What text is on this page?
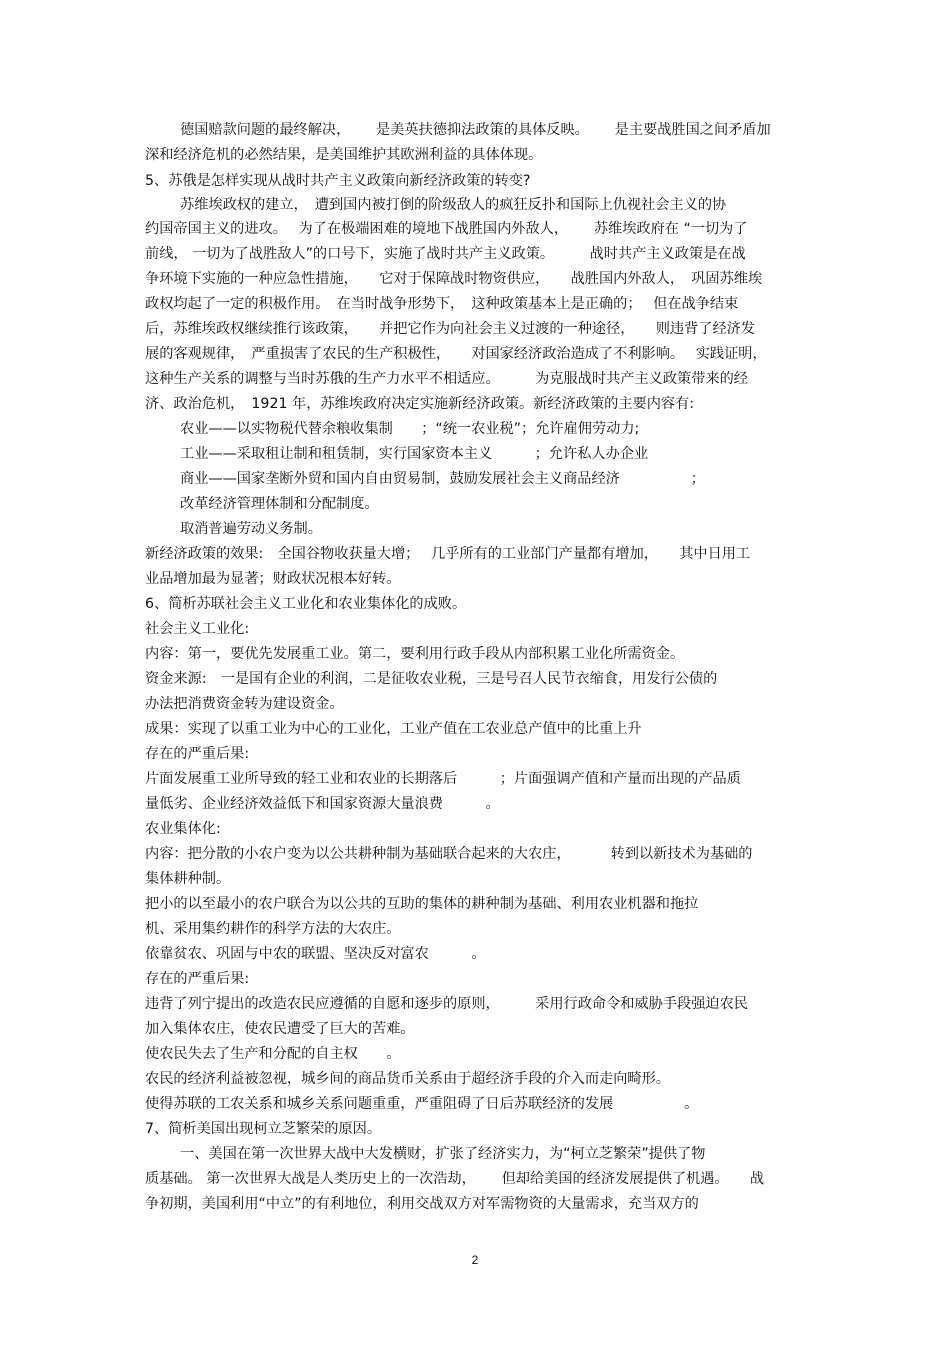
德国赔款问题的最终解决，　　 是美英扶德抑法政策的具体反映。　　 是主要战胜国之间矛盾加
深和经济危机的必然结果，是美国维护其欧洲利益的具体体现。
5、苏俄是怎样实现从战时共产主义政策向新经济政策的转变?
苏维埃政权的建立，　遭到国内被打倒的阶级敌人的疯狂反扑和国际上仇视社会主义的协
约国帝国主义的进攻。　 为了在极端困难的境地下战胜国内外敌人，　　 苏维埃政府在 “一切为了
前线， 一切为了战胜敌人”的口号下，实施了战时共产主义政策。　　　战时共产主义政策是在战
争环境下实施的一种应急性措施，　　它对于保障战时物资供应，　　战胜国内外敌人，　巩固苏维埃
政权均起了一定的积极作用。　在当时战争形势下，　这种政策基本上是正确的；　 但在战争结束
后，苏维埃政权继续推行该政策，　　并把它作为向社会主义过渡的一种途径，　　则违背了经济发
展的客观规律，　严重损害了农民的生产积极性，　　对国家经济政治造成了不利影响。　 实践证明，
这种生产关系的调整与当时苏俄的生产力水平不相适应。　　　为克服战时共产主义政策带来的经
济、政治危机，　1921 年，苏维埃政府决定实施新经济政策。新经济政策的主要内容有:
农业——以实物税代替余粮收集制　　；“统一农业税”；允许雇佣劳动力;
工业——采取租让制和租赁制，实行国家资本主义　　　；允许私人办企业
商业——国家垄断外贸和国内自由贸易制，鼓励发展社会主义商品经济　　　　　；
改革经济管理体制和分配制度。
取消普遍劳动义务制。
新经济政策的效果:　全国谷物收获量大增；　 几乎所有的工业部门产量都有增加，　　其中日用工
业品增加最为显著；财政状况根本好转。
6、简析苏联社会主义工业化和农业集体化的成败。
社会主义工业化:
内容：第一，要优先发展重工业。第二，要利用行政手段从内部积累工业化所需资金。
资金来源:　一是国有企业的利润，二是征收农业税，三是号召人民节衣缩食，用发行公债的
办法把消费资金转为建设资金。
成果：实现了以重工业为中心的工业化，工业产值在工农业总产值中的比重上升
存在的严重后果:
片面发展重工业所导致的轻工业和农业的长期落后　　　；片面强调产值和产量而出现的产品质
量低劣、企业经济效益低下和国家资源大量浪费　　　。
农业集体化:
内容：把分散的小农户变为以公共耕种制为基础联合起来的大农庄，　　　 转到以新技术为基础的
集体耕种制。
把小的以至最小的农户联合为以公共的互助的集体的耕种制为基础、利用农业机器和拖拉
机、采用集约耕作的科学方法的大农庄。
依靠贫农、巩固与中农的联盟、坚决反对富农　　　。
存在的严重后果:
违背了列宁提出的改造农民应遵循的自愿和逐步的原则，　　　采用行政命令和威胁手段强迫农民
加入集体农庄，使农民遭受了巨大的苦难。
使农民失去了生产和分配的自主权　　。
农民的经济利益被忽视，城乡间的商品货币关系由于超经济手段的介入而走向畸形。
使得苏联的工农关系和城乡关系问题重重，严重阻碍了日后苏联经济的发展　　　　　。
7、简析美国出现柯立芝繁荣的原因。
一、美国在第一次世界大战中大发横财，扩张了经济实力，为“柯立芝繁荣”提供了物
质基础。 第一次世界大战是人类历史上的一次浩劫，　　 但却给美国的经济发展提供了机遇。　　战
争初期，美国利用“中立”的有利地位，利用交战双方对军需物资的大量需求，充当双方的
2
